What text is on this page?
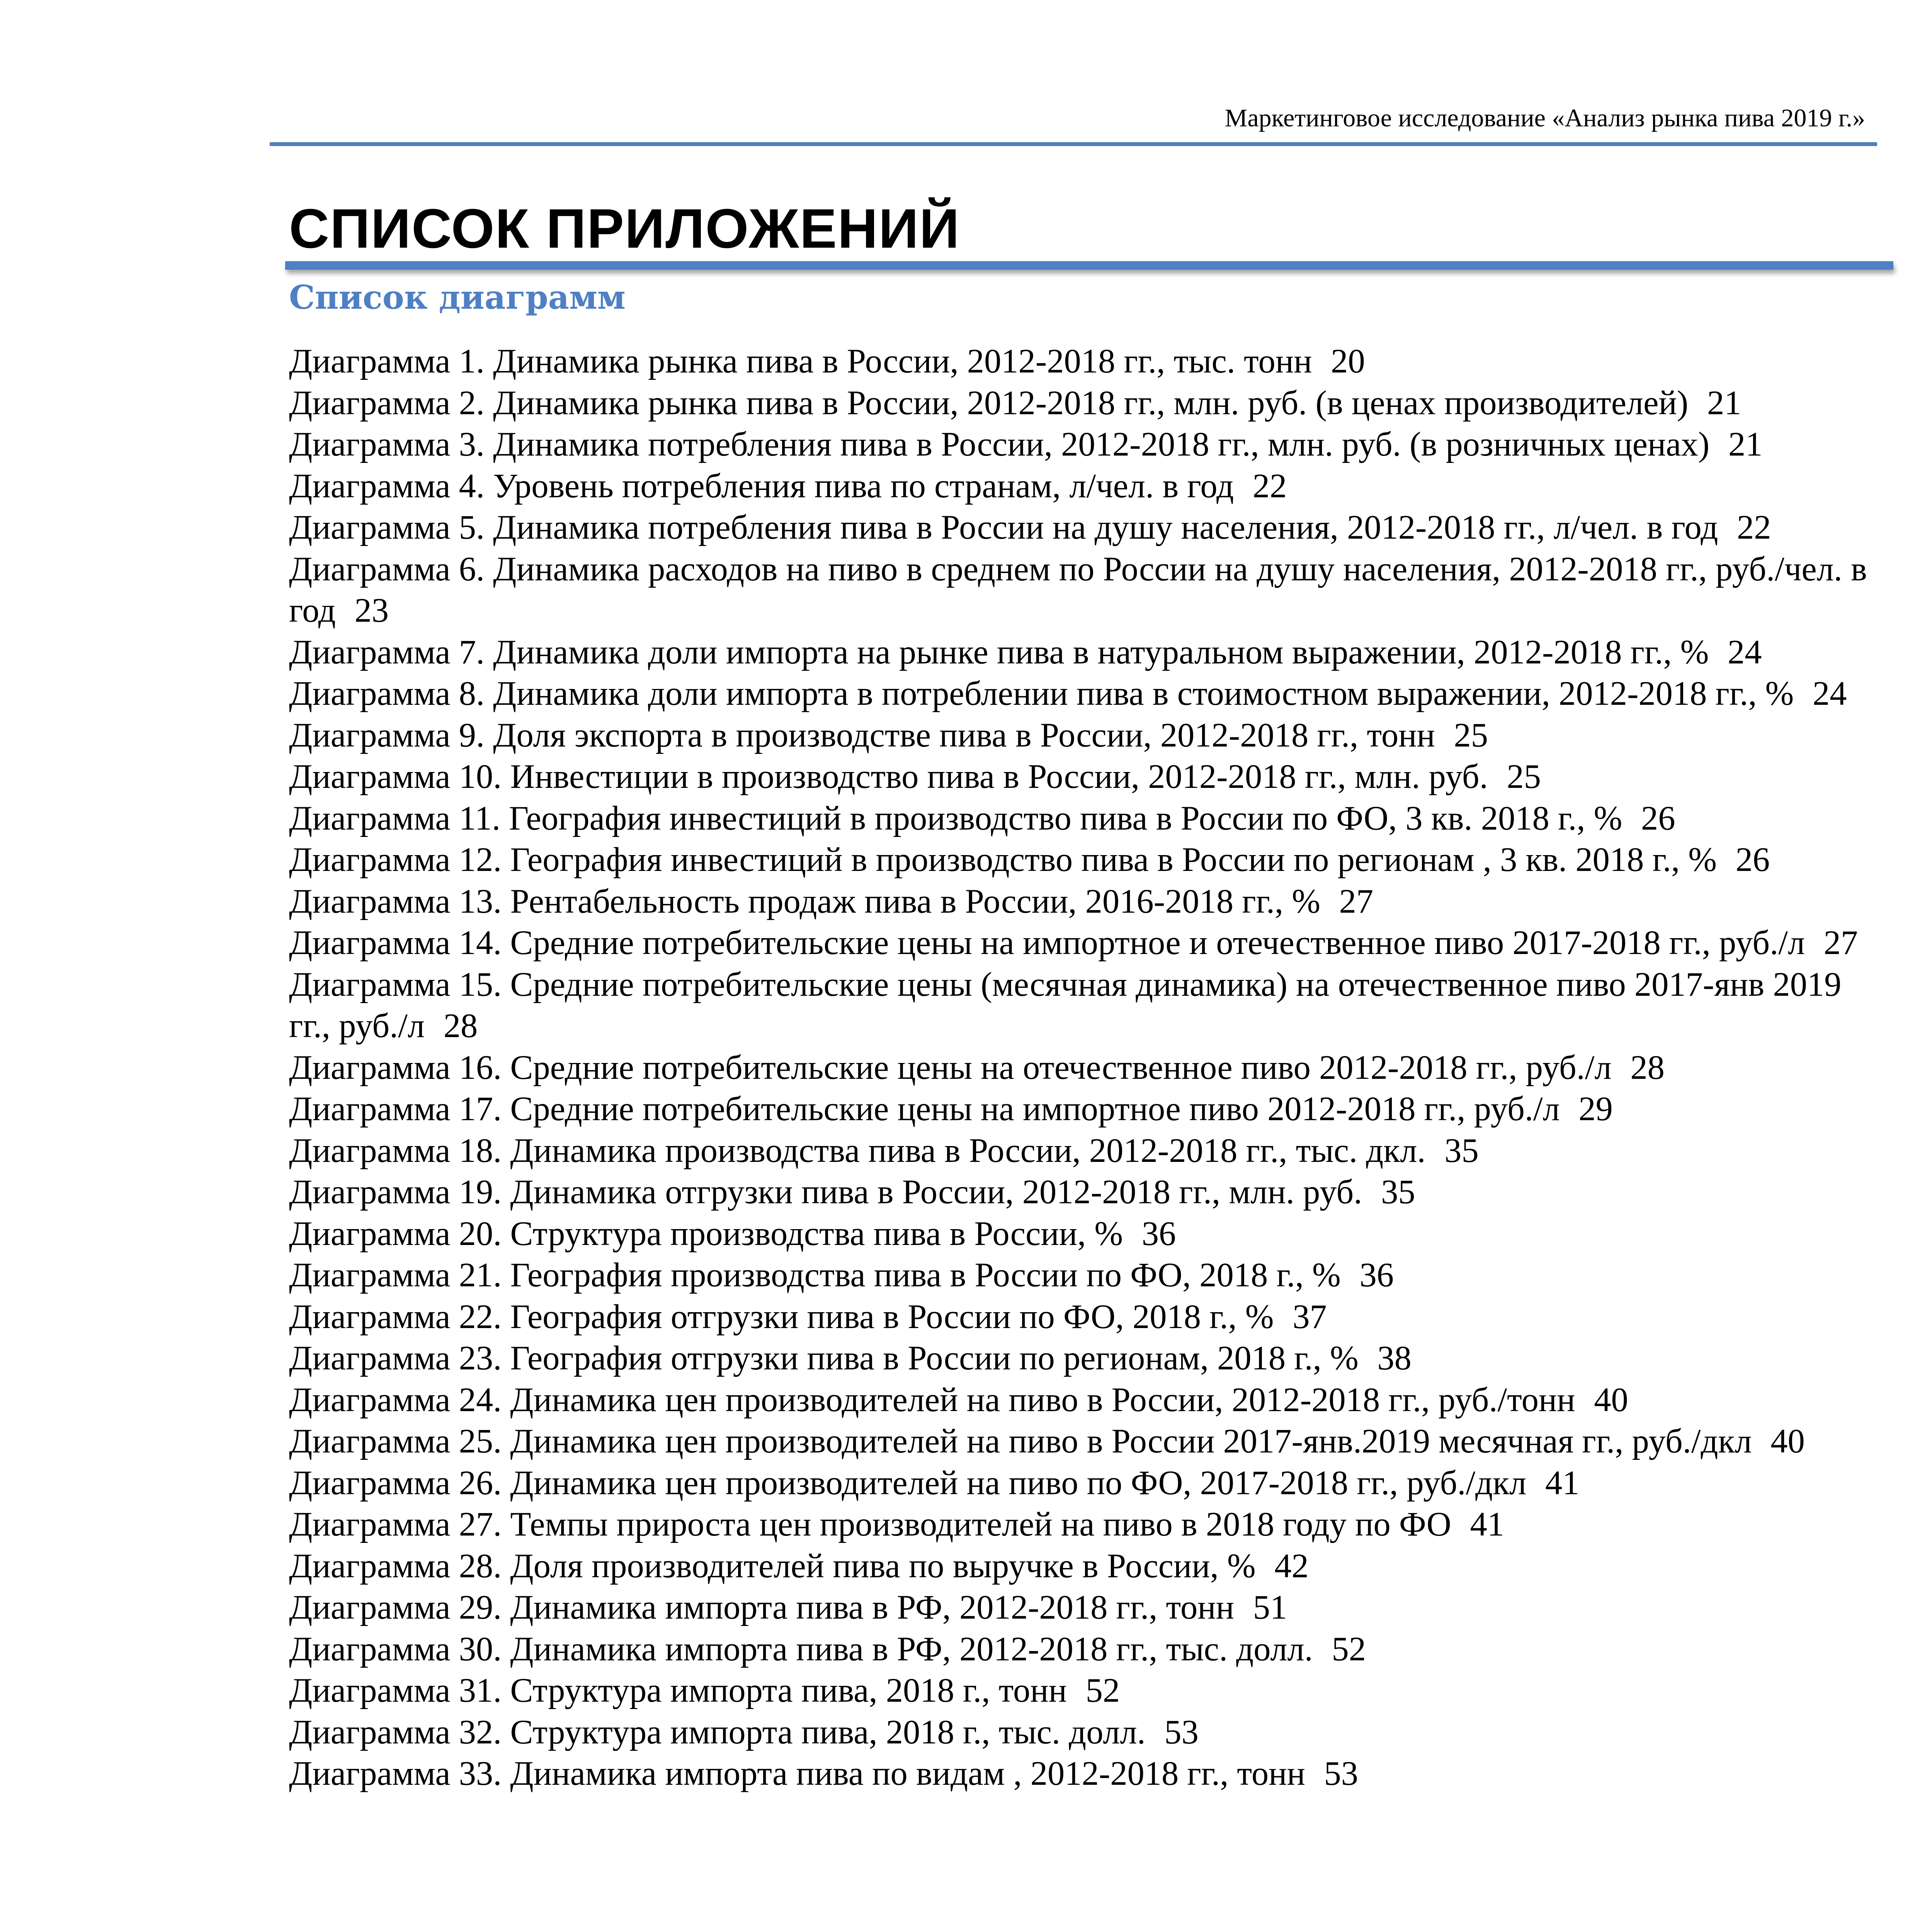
Маркетинговое исследование «Анализ рынка пива 2019 г.»
СПИСОК ПРИЛОЖЕНИЙ
Список диаграмм
Диаграмма 1. Динамика рынка пива в России, 2012-2018 гг., тыс. тонн 20
Диаграмма 2. Динамика рынка пива в России, 2012-2018 гг., млн. руб. (в ценах производителей) 21
Диаграмма 3. Динамика потребления пива в России, 2012-2018 гг., млн. руб. (в розничных ценах) 21
Диаграмма 4. Уровень потребления пива по странам, л/чел. в год 22
Диаграмма 5. Динамика потребления пива в России на душу населения, 2012-2018 гг., л/чел. в год 22
Диаграмма 6. Динамика расходов на пиво в среднем по России на душу населения, 2012-2018 гг., руб./чел. в год 23
Диаграмма 7. Динамика доли импорта на рынке пива в натуральном выражении, 2012-2018 гг., % 24
Диаграмма 8. Динамика доли импорта в потреблении пива в стоимостном выражении, 2012-2018 гг., % 24
Диаграмма 9. Доля экспорта в производстве пива в России, 2012-2018 гг., тонн 25
Диаграмма 10. Инвестиции в производство пива в России, 2012-2018 гг., млн. руб. 25
Диаграмма 11. География инвестиций в производство пива в России по ФО, 3 кв. 2018 г., % 26
Диаграмма 12. География инвестиций в производство пива в России по регионам , 3 кв. 2018 г., % 26
Диаграмма 13. Рентабельность продаж пива в России, 2016-2018 гг., % 27
Диаграмма 14. Средние потребительские цены на импортное и отечественное пиво 2017-2018 гг., руб./л 27
Диаграмма 15. Средние потребительские цены (месячная динамика) на отечественное пиво 2017-янв 2019 гг., руб./л 28
Диаграмма 16. Средние потребительские цены на отечественное пиво 2012-2018 гг., руб./л 28
Диаграмма 17. Средние потребительские цены на импортное пиво 2012-2018 гг., руб./л 29
Диаграмма 18. Динамика производства пива в России, 2012-2018 гг., тыс. дкл. 35
Диаграмма 19. Динамика отгрузки пива в России, 2012-2018 гг., млн. руб. 35
Диаграмма 20. Структура производства пива в России, % 36
Диаграмма 21. География производства пива в России по ФО, 2018 г., % 36
Диаграмма 22. География отгрузки пива в России по ФО, 2018 г., % 37
Диаграмма 23. География отгрузки пива в России по регионам, 2018 г., % 38
Диаграмма 24. Динамика цен производителей на пиво в России, 2012-2018 гг., руб./тонн 40
Диаграмма 25. Динамика цен производителей на пиво в России 2017-янв.2019 месячная гг., руб./дкл 40
Диаграмма 26. Динамика цен производителей на пиво по ФО, 2017-2018 гг., руб./дкл 41
Диаграмма 27. Темпы прироста цен производителей на пиво в 2018 году по ФО 41
Диаграмма 28. Доля производителей пива по выручке в России, % 42
Диаграмма 29. Динамика импорта пива в РФ, 2012-2018 гг., тонн 51
Диаграмма 30. Динамика импорта пива в РФ, 2012-2018 гг., тыс. долл. 52
Диаграмма 31. Структура импорта пива, 2018 г., тонн 52
Диаграмма 32. Структура импорта пива, 2018 г., тыс. долл. 53
Диаграмма 33. Динамика импорта пива по видам , 2012-2018 гг., тонн 53
